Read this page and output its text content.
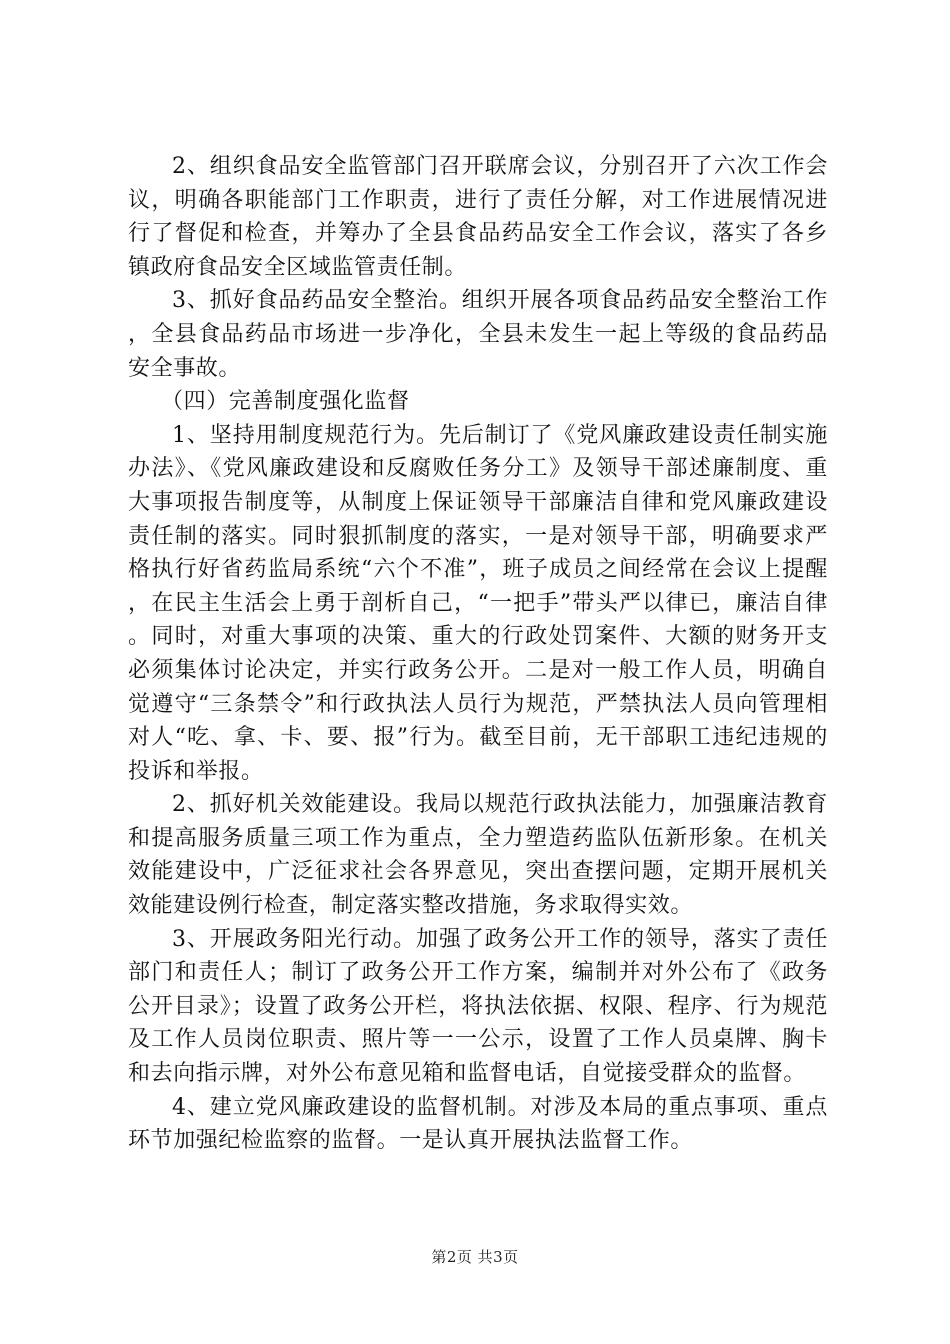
2、组织食品安全监管部门召开联席会议，分别召开了六次工作会议，明确各职能部门工作职责，进行了责任分解，对工作进展情况进行了督促和检查，并筹办了全县食品药品安全工作会议，落实了各乡镇政府食品安全区域监管责任制。

3、抓好食品药品安全整治。组织开展各项食品药品安全整治工作，全县食品药品市场进一步净化，全县未发生一起上等级的食品药品安全事故。

（四）完善制度强化监督

1、坚持用制度规范行为。先后制订了《党风廉政建设责任制实施办法》、《党风廉政建设和反腐败任务分工》及领导干部述廉制度、重大事项报告制度等，从制度上保证领导干部廉洁自律和党风廉政建设责任制的落实。同时狠抓制度的落实，一是对领导干部，明确要求严格执行好省药监局系统“六个不准”，班子成员之间经常在会议上提醒，在民主生活会上勇于剖析自己，“一把手”带头严以律已，廉洁自律。同时，对重大事项的决策、重大的行政处罚案件、大额的财务开支必须集体讨论决定，并实行政务公开。二是对一般工作人员，明确自觉遵守“三条禁令”和行政执法人员行为规范，严禁执法人员向管理相对人“吃、拿、卡、要、报”行为。截至目前，无干部职工违纪违规的投诉和举报。

2、抓好机关效能建设。我局以规范行政执法能力，加强廉洁教育和提高服务质量三项工作为重点，全力塑造药监队伍新形象。在机关效能建设中，广泛征求社会各界意见，突出查摆问题，定期开展机关效能建设例行检查，制定落实整改措施，务求取得实效。

3、开展政务阳光行动。加强了政务公开工作的领导，落实了责任部门和责任人；制订了政务公开工作方案，编制并对外公布了《政务公开目录》；设置了政务公开栏，将执法依据、权限、程序、行为规范及工作人员岗位职责、照片等一一公示，设置了工作人员桌牌、胸卡和去向指示牌，对外公布意见箱和监督电话，自觉接受群众的监督。

4、建立党风廉政建设的监督机制。对涉及本局的重点事项、重点环节加强纪检监察的监督。一是认真开展执法监督工作。

第2页 共3页
